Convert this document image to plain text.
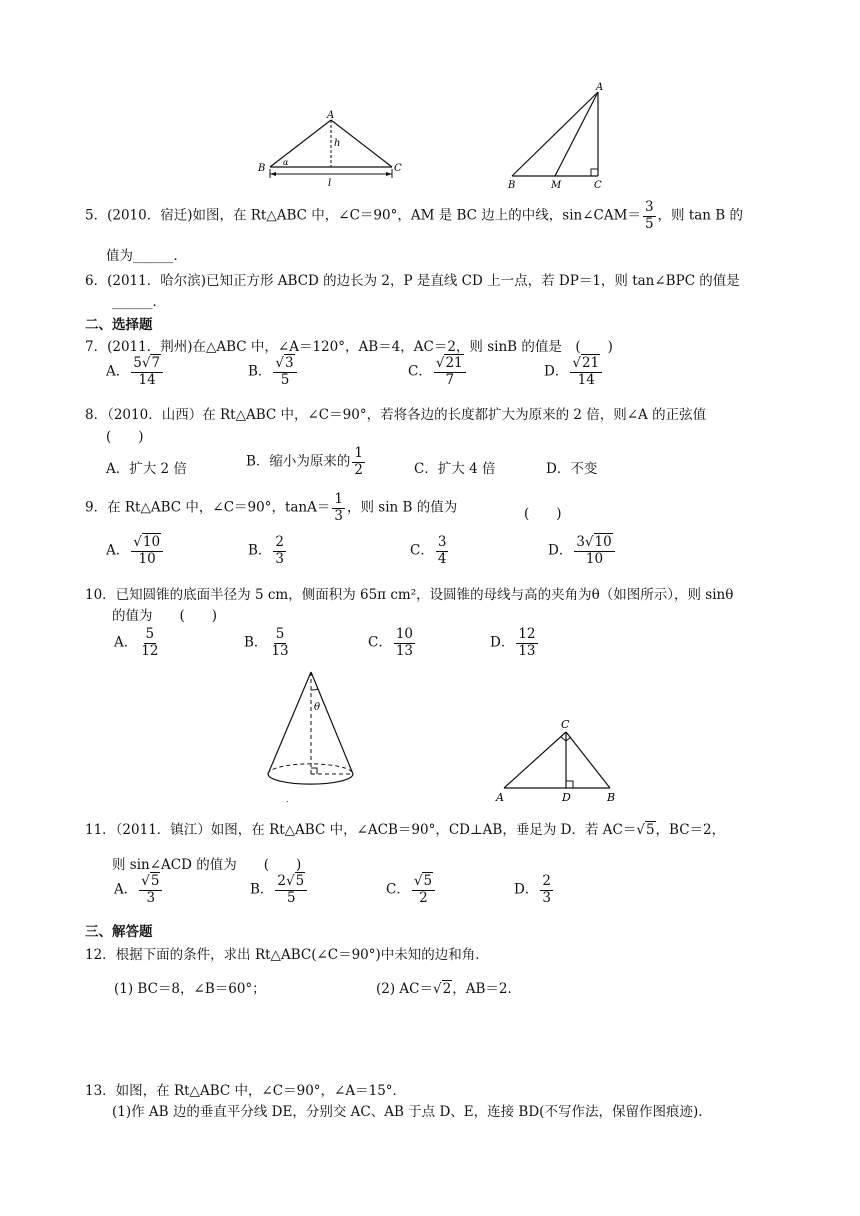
A
B	C
h
l
α
A
B	M	C
5．(2010．宿迁)如图，在 Rt△ABC 中，∠C＝90°，AM 是 BC 边上的中线，sin∠CAM＝ $\frac{3}{5}$ ，则 tan B 的
值为______．
6．(2011．哈尔滨)已知正方形 ABCD 的边长为 2，P 是直线 CD 上一点，若 DP＝1，则 tan∠BPC 的值是
______．
二、选择题
7．(2011．荆州)在△ABC 中，∠A＝120°，AB＝4，AC＝2，则 sinB 的值是　(　　)
A． $\frac{5√7}{14}$	B． $\frac{√3}{5}$	C． $\frac{√21}{7}$	D． $\frac{√21}{14}$
8．（2010．山西）在 Rt△ABC 中，∠C＝90°，若将各边的长度都扩大为原来的 2 倍，则∠A 的正弦值
(　　)
A．扩大 2 倍	B．缩小为原来的 $\frac{1}{2}$	C．扩大 4 倍	D．不变
9．在 Rt△ABC 中，∠C＝90°，$\tan A= \frac{1}{3}$ ，则 sin B 的值为	(　　)
A． $\frac{√10}{10}$	B． $\frac{2}{3}$	C． $\frac{3}{4}$	D． $\frac{3√10}{10}$
10．已知圆锥的底面半径为 5 cm，侧面积为 65π cm²，设圆锥的母线与高的夹角为θ（如图所示），则 sinθ
的值为　　(　　)
A． $\frac{5}{12}$	B． $\frac{5}{13}$	C． $\frac{10}{13}$	D． $\frac{12}{13}$
θ
.
C
A	D	B
11．（2011．镇江）如图，在 Rt△ABC 中，∠ACB＝90°，CD⊥AB，垂足为 D．若 AC＝√5，BC＝2，
则 sin∠ACD 的值为　　(　　)
A． $\frac{√5}{3}$	B． $\frac{2√5}{5}$	C． $\frac{√5}{2}$	D． $\frac{2}{3}$
三、解答题
12．根据下面的条件，求出 Rt△ABC(∠C＝90°)中未知的边和角．
(1) BC＝8，∠B＝60°；	(2) AC＝√2，AB＝2．
13．如图，在 Rt△ABC 中，∠C＝90°，∠A＝15°．
(1)作 AB 边的垂直平分线 DE，分别交 AC、AB 于点 D、E，连接 BD(不写作法，保留作图痕迹).
